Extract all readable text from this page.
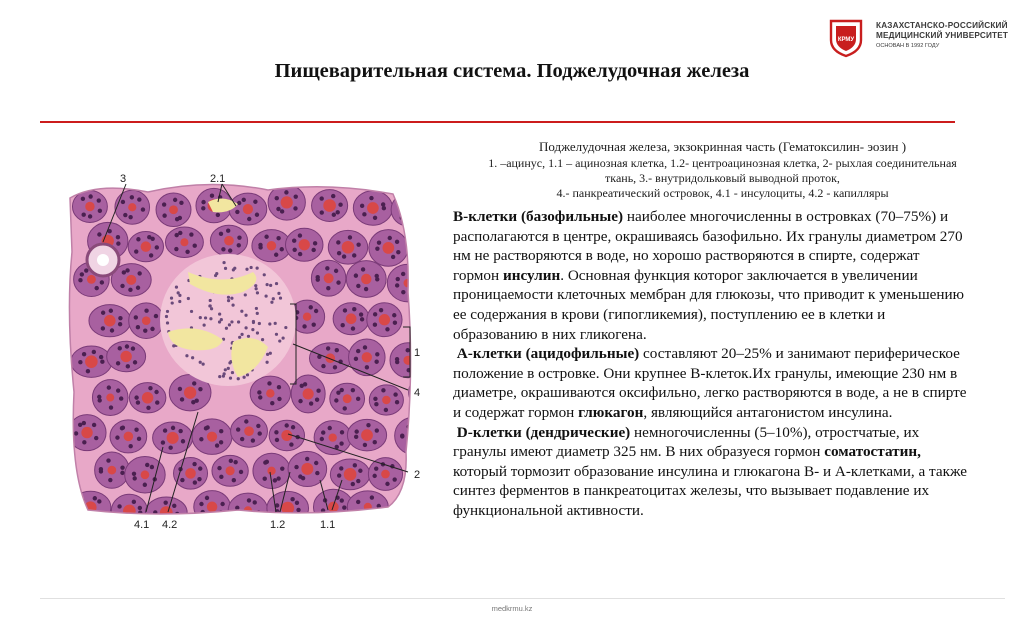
КРМУ
КАЗАХСТАНСКО-РОССИЙСКИЙ
МЕДИЦИНСКИЙ УНИВЕРСИТЕТ
ОСНОВАН В 1992 ГОДУ
Пищеварительная система. Поджелудочная железа
3	2.1
1
4
2
4.1 4.2	1.2	1.1
Поджелудочная железа, экзокринная часть (Гематоксилин- эозин )
1. –ацинус, 1.1 – ацинозная клетка, 1.2- центроацинозная клетка, 2- рыхлая соединительная
ткань, 3.- внутридольковый выводной проток,
4.- панкреатический островок, 4.1 - инсулоциты, 4.2 - капилляры

В-клетки (базофильные) наиболее многочисленны в островках (70–75%) и располагаются в центре, окрашиваясь базофильно. Их гранулы диаметром 270 нм не растворяются в воде, но хорошо растворяются в спирте, содержат гормон инсулин. Основная функция которог заключается в увеличении проницаемости клеточных мембран для глюкозы, что приводит к уменьшению ее содержания в крови (гипогликемия), поступлению ее в клетки и образованию в них гликогена.

А-клетки (ацидофильные) составляют 20–25% и занимают периферическое положение в островке. Они крупнее В-клеток.Их гранулы, имеющие 230 нм в диаметре, окрашиваются оксифильно, легко растворяются в воде, а не в спирте и содержат гормон глюкагон, являющийся антагонистом инсулина.

D-клетки (дендрические) немногочисленны (5–10%), отростчатые, их гранулы имеют диаметр 325 нм. В них образуеся гормон соматостатин, который тормозит образование инсулина и глюкагона В- и А-клетками, а также синтез ферментов в панкреатоцитах железы, что вызывает подавление их функциональной активности.

medkrmu.kz
